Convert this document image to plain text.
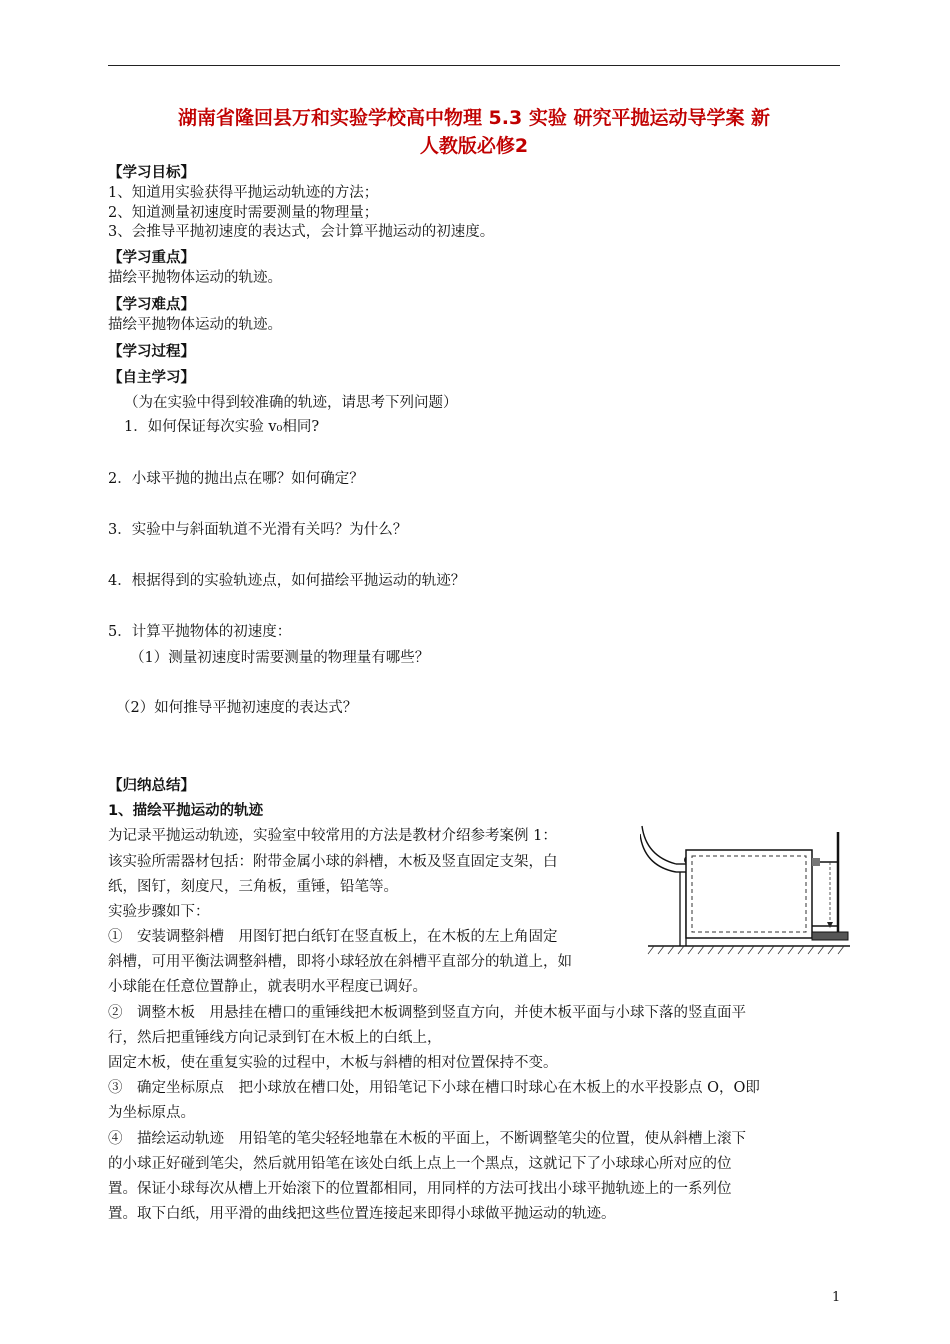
湖南省隆回县万和实验学校高中物理 5.3 实验 研究平抛运动导学案 新
人教版必修2
【学习目标】
1、知道用实验获得平抛运动轨迹的方法；
2、知道测量初速度时需要测量的物理量；
3、会推导平抛初速度的表达式，会计算平抛运动的初速度。
【学习重点】
描绘平抛物体运动的轨迹。
【学习难点】
描绘平抛物体运动的轨迹。
【学习过程】
【自主学习】
（为在实验中得到较准确的轨迹，请思考下列问题）
1．如何保证每次实验 v₀相同?
2．小球平抛的抛出点在哪？如何确定？
3．实验中与斜面轨道不光滑有关吗？为什么？
4．根据得到的实验轨迹点，如何描绘平抛运动的轨迹？
5．计算平抛物体的初速度：
（1）测量初速度时需要测量的物理量有哪些？
（2）如何推导平抛初速度的表达式？
【归纳总结】
1、描绘平抛运动的轨迹
为记录平抛运动轨迹，实验室中较常用的方法是教材介绍参考案例 1：
该实验所需器材包括：附带金属小球的斜槽，木板及竖直固定支架，白
纸，图钉，刻度尺，三角板，重锤，铅笔等。
实验步骤如下：
①　安装调整斜槽　用图钉把白纸钉在竖直板上，在木板的左上角固定
斜槽，可用平衡法调整斜槽，即将小球轻放在斜槽平直部分的轨道上，如
小球能在任意位置静止，就表明水平程度已调好。
②　调整木板　用悬挂在槽口的重锤线把木板调整到竖直方向，并使木板平面与小球下落的竖直面平
行，然后把重锤线方向记录到钉在木板上的白纸上，
固定木板，使在重复实验的过程中，木板与斜槽的相对位置保持不变。
③　确定坐标原点　把小球放在槽口处，用铅笔记下小球在槽口时球心在木板上的水平投影点 O，O即
为坐标原点。
④　描绘运动轨迹　用铅笔的笔尖轻轻地靠在木板的平面上，不断调整笔尖的位置，使从斜槽上滚下
的小球正好碰到笔尖，然后就用铅笔在该处白纸上点上一个黑点，这就记下了小球球心所对应的位
置。保证小球每次从槽上开始滚下的位置都相同，用同样的方法可找出小球平抛轨迹上的一系列位
置。取下白纸，用平滑的曲线把这些位置连接起来即得小球做平抛运动的轨迹。
1
